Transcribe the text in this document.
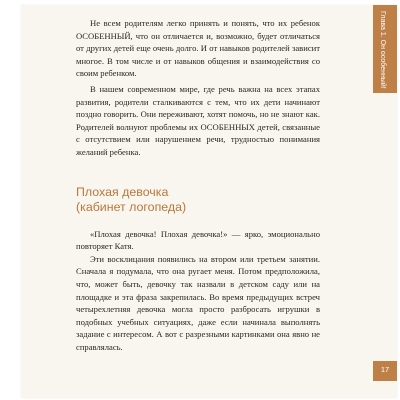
Не всем родителям легко принять и понять, что их ребенок ОСОБЕННЫЙ, что он отличается и, возможно, будет отличаться от других детей еще очень долго. И от навыков родителей зависит многое. В том числе и от навыков общения и взаимодействия со своим ребенком.

В нашем современном мире, где речь важна на всех этапах развития, родители сталкиваются с тем, что их дети начинают поздно говорить. Они переживают, хотят помочь, но не знают как. Родителей волнуют проблемы их ОСОБЕННЫХ детей, связанные с отсутствием или нарушением речи, трудностью понимания желаний ребенка.

Плохая девочка
(кабинет логопеда)

«Плохая девочка! Плохая девочка!» — ярко, эмоционально повторяет Катя.

Эти восклицания появились на втором или третьем занятии. Сначала я подумала, что она ругает меня. Потом предположила, что, может быть, девочку так назвали в детском саду или на площадке и эта фраза закрепилась. Во время предыдущих встреч четырехлетняя девочка могла просто разбросать игрушки в подобных учебных ситуациях, даже если начинала выполнять задание с интересом. А вот с разрезными картинками она явно не справлялась.

Глава 1. Он особенный!
17
